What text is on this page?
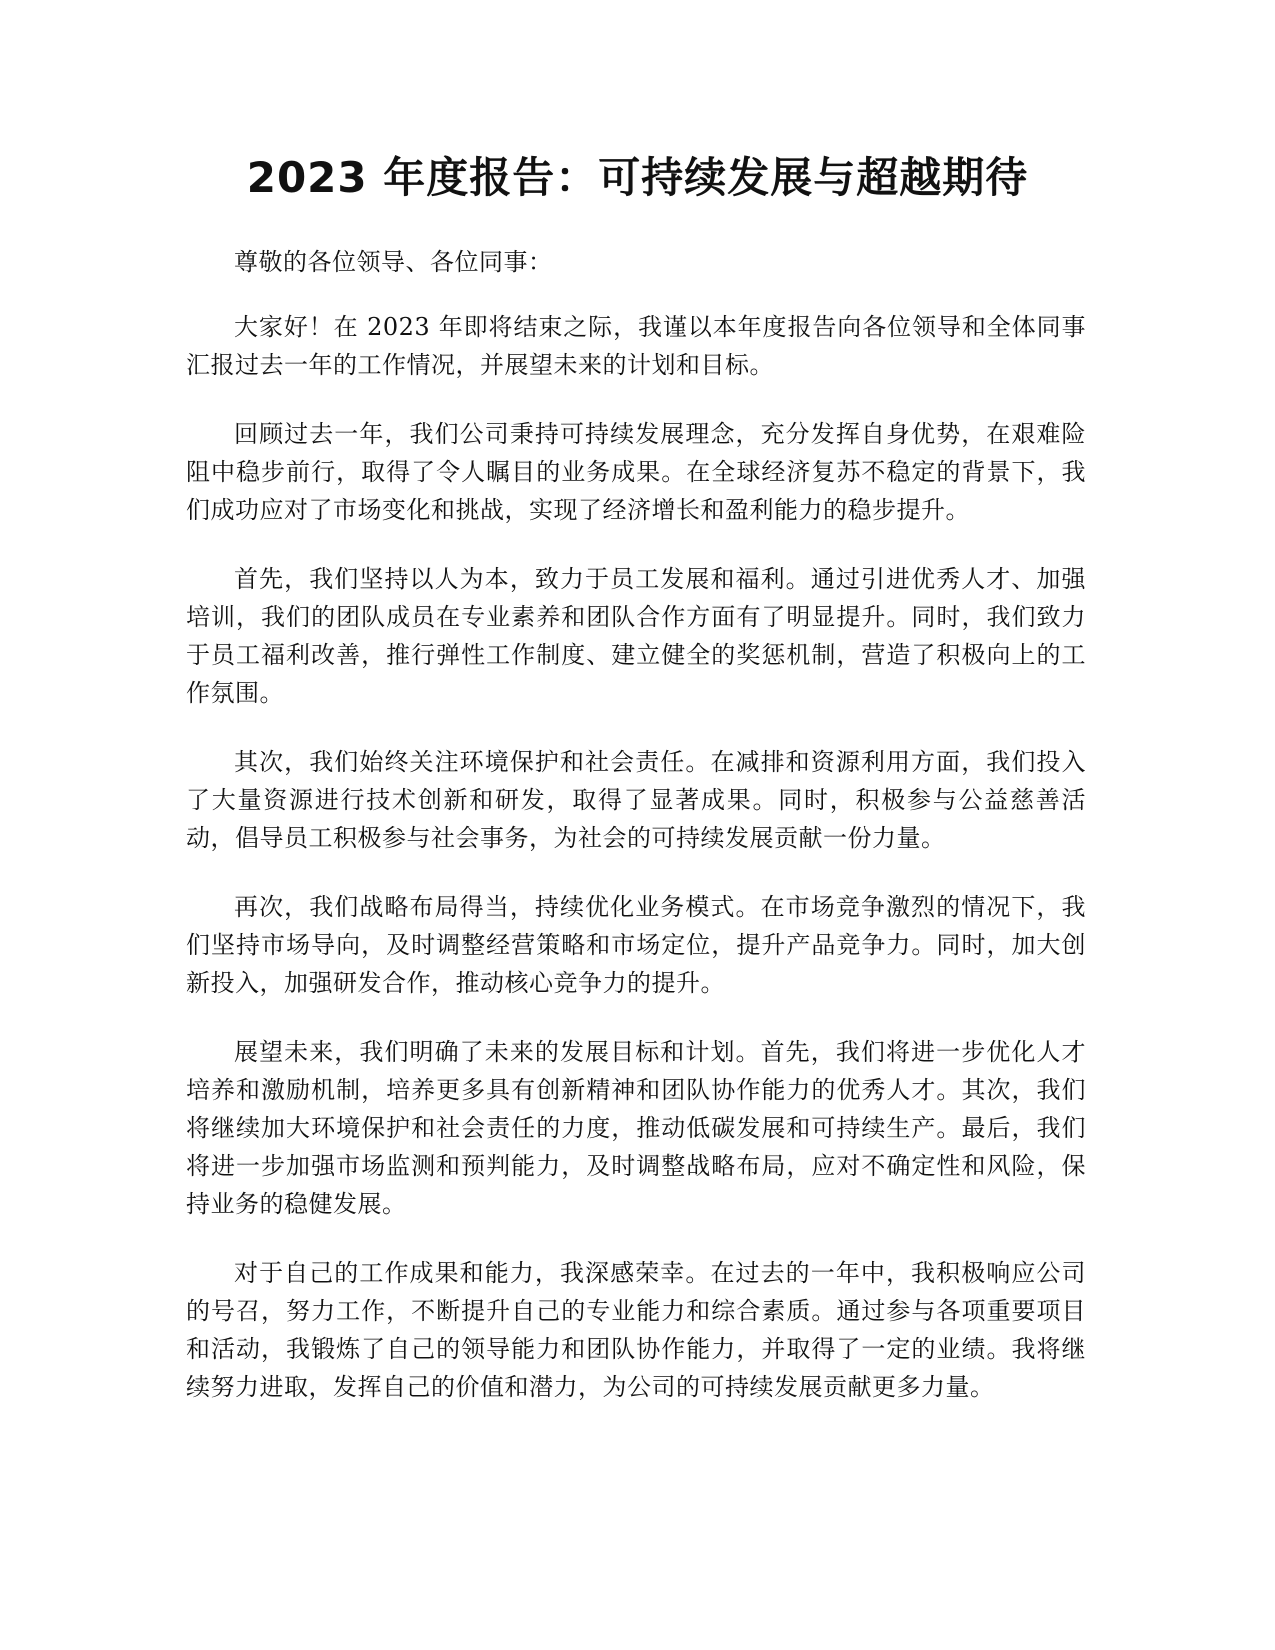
2023 年度报告：可持续发展与超越期待

尊敬的各位领导、各位同事：

大家好！在 2023 年即将结束之际，我谨以本年度报告向各位领导和全体同事汇报过去一年的工作情况，并展望未来的计划和目标。

回顾过去一年，我们公司秉持可持续发展理念，充分发挥自身优势，在艰难险阻中稳步前行，取得了令人瞩目的业务成果。在全球经济复苏不稳定的背景下，我们成功应对了市场变化和挑战，实现了经济增长和盈利能力的稳步提升。

首先，我们坚持以人为本，致力于员工发展和福利。通过引进优秀人才、加强培训，我们的团队成员在专业素养和团队合作方面有了明显提升。同时，我们致力于员工福利改善，推行弹性工作制度、建立健全的奖惩机制，营造了积极向上的工作氛围。

其次，我们始终关注环境保护和社会责任。在减排和资源利用方面，我们投入了大量资源进行技术创新和研发，取得了显著成果。同时，积极参与公益慈善活动，倡导员工积极参与社会事务，为社会的可持续发展贡献一份力量。

再次，我们战略布局得当，持续优化业务模式。在市场竞争激烈的情况下，我们坚持市场导向，及时调整经营策略和市场定位，提升产品竞争力。同时，加大创新投入，加强研发合作，推动核心竞争力的提升。

展望未来，我们明确了未来的发展目标和计划。首先，我们将进一步优化人才培养和激励机制，培养更多具有创新精神和团队协作能力的优秀人才。其次，我们将继续加大环境保护和社会责任的力度，推动低碳发展和可持续生产。最后，我们将进一步加强市场监测和预判能力，及时调整战略布局，应对不确定性和风险，保持业务的稳健发展。

对于自己的工作成果和能力，我深感荣幸。在过去的一年中，我积极响应公司的号召，努力工作，不断提升自己的专业能力和综合素质。通过参与各项重要项目和活动，我锻炼了自己的领导能力和团队协作能力，并取得了一定的业绩。我将继续努力进取，发挥自己的价值和潜力，为公司的可持续发展贡献更多力量。
